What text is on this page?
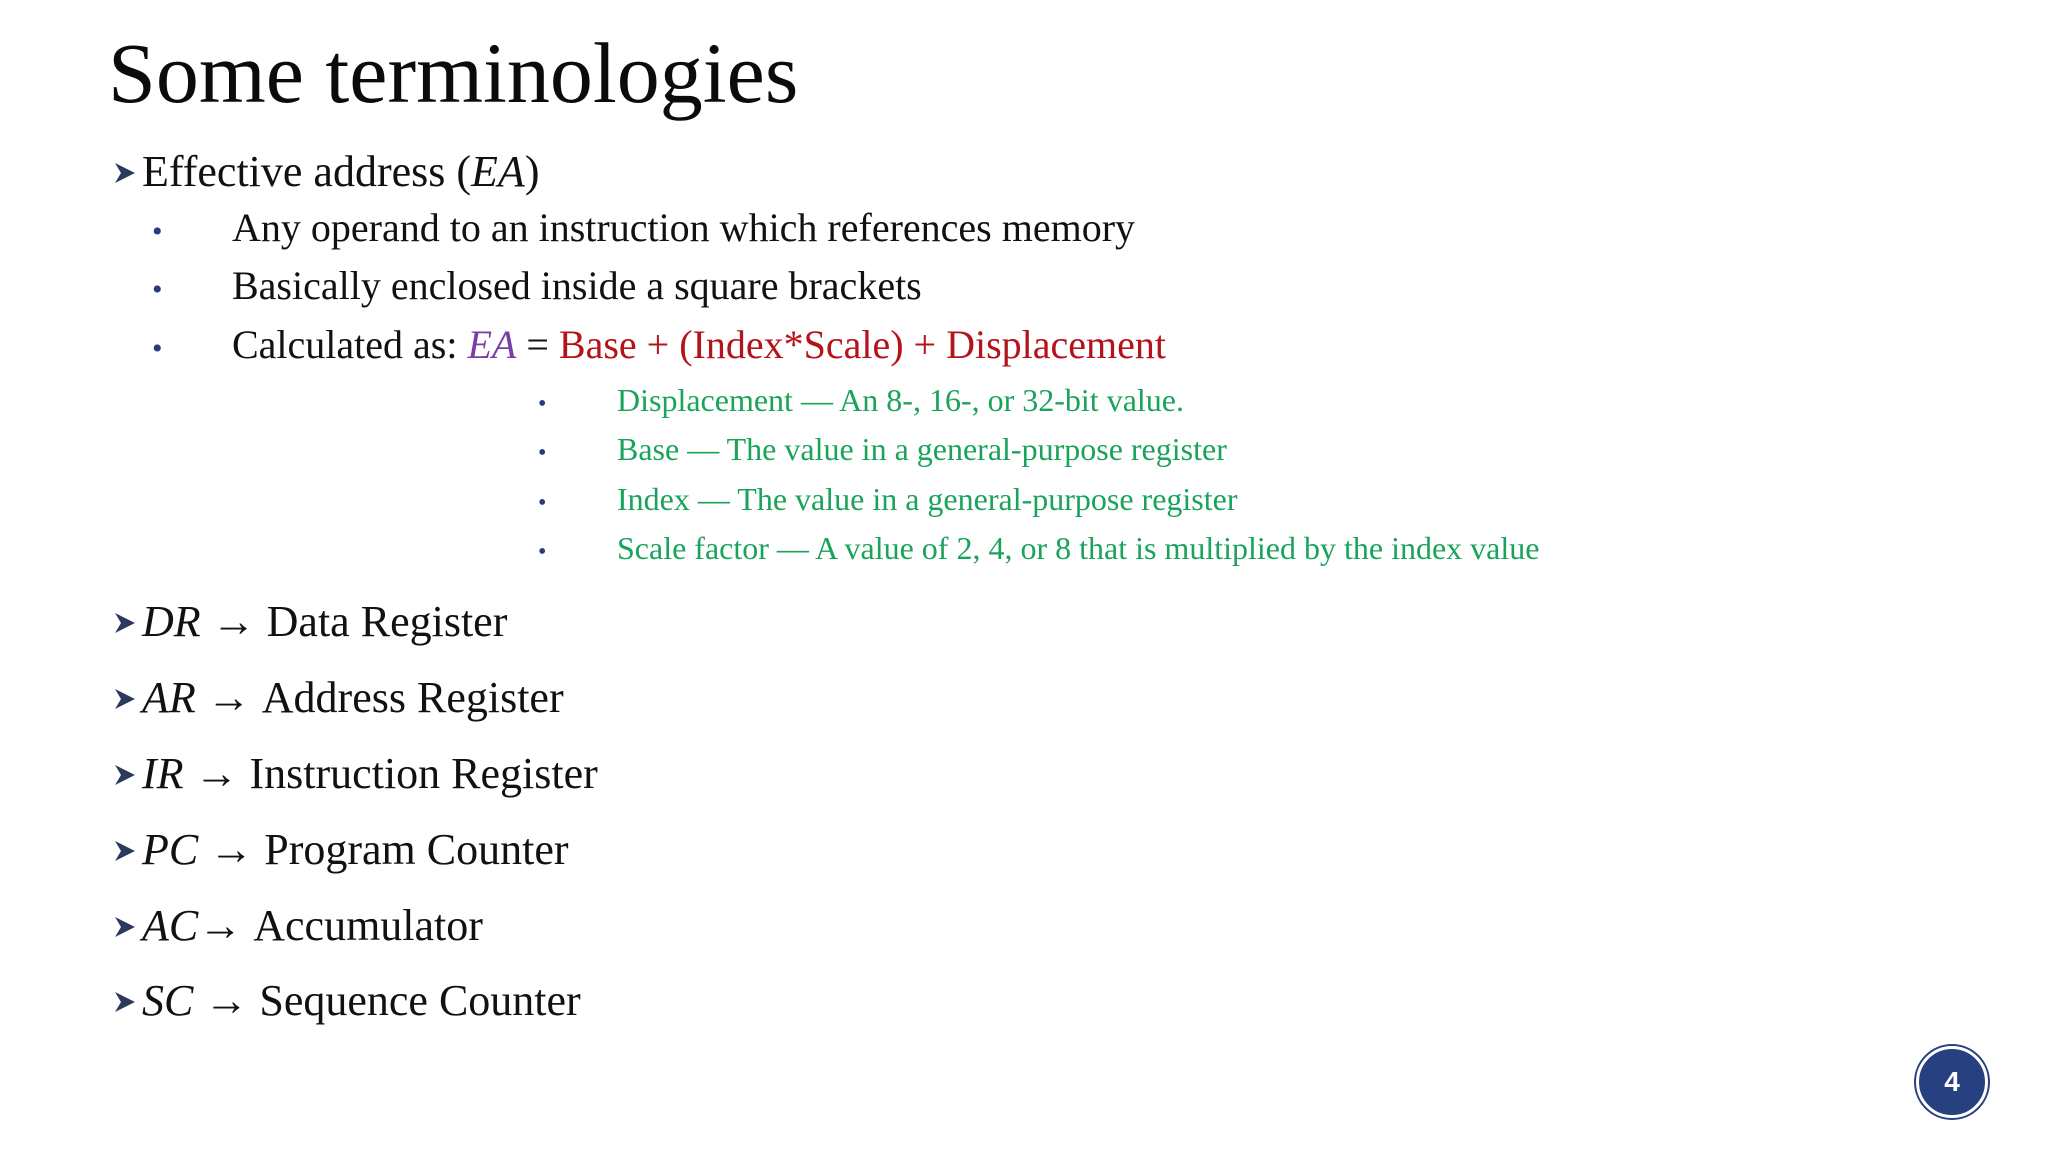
Some terminologies
Effective address ( EA )
•	Any operand to an instruction which references memory
•	Basically enclosed inside a square brackets
•	Calculated as: EA = Base + (Index*Scale) + Displacement
•	Displacement — An 8-, 16-, or 32-bit value.
•	Base — The value in a general-purpose register
•	Index — The value in a general-purpose register
•	Scale factor — A value of 2, 4, or 8 that is multiplied by the index value
DR → Data Register
AR → Address Register
IR → Instruction Register
PC → Program Counter
AC → Accumulator
SC → Sequence Counter
4
